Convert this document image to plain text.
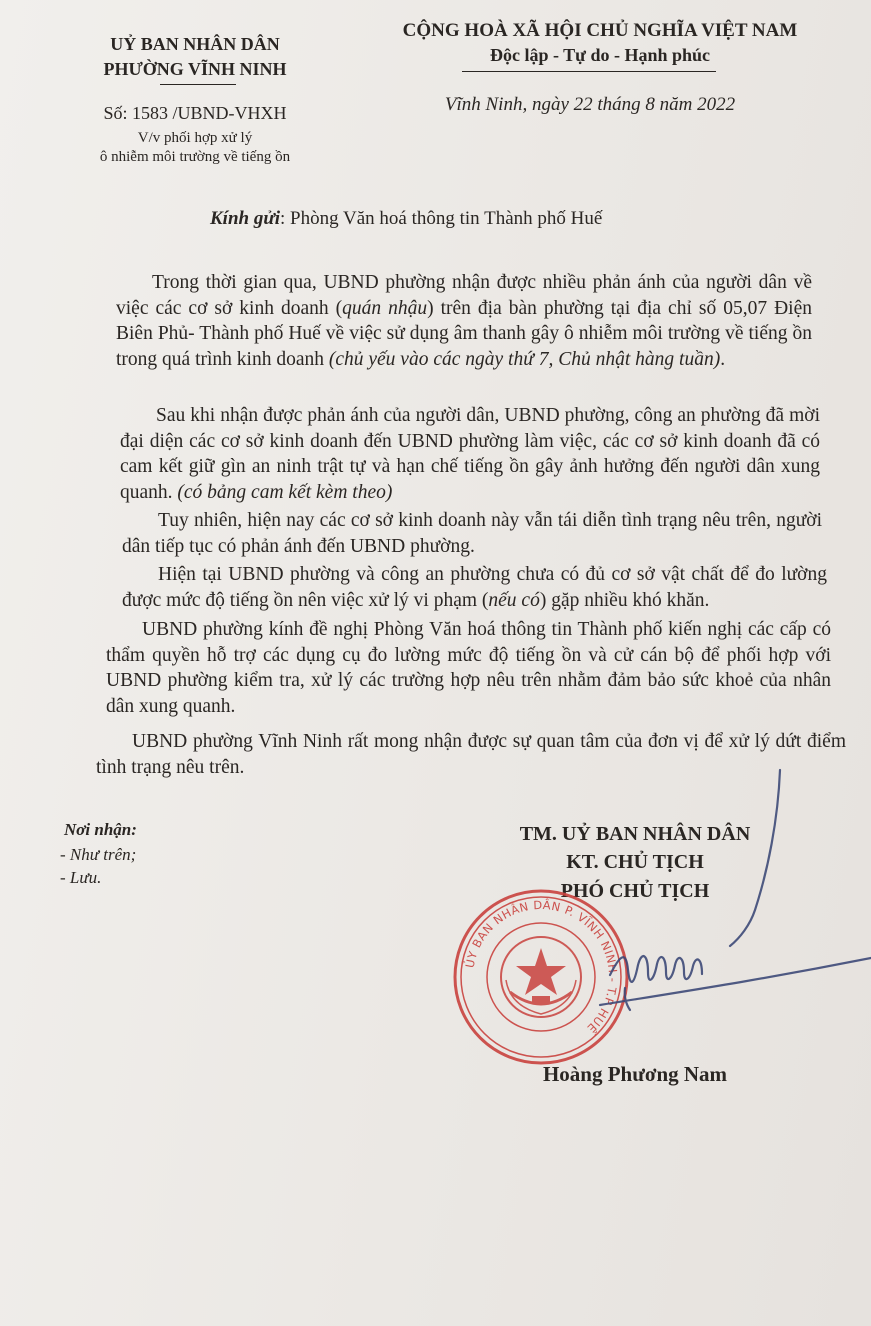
UỶ BAN NHÂN DÂN
PHƯỜNG VĨNH NINH
Số: 1583 /UBND-VHXH
V/v phối hợp xử lý
ô nhiễm môi trường về tiếng ồn
CỘNG HOÀ XÃ HỘI CHỦ NGHĨA VIỆT NAM
Độc lập - Tự do - Hạnh phúc
Vĩnh Ninh, ngày 22 tháng 8 năm 2022
Kính gửi: Phòng Văn hoá thông tin Thành phố Huế
Trong thời gian qua, UBND phường nhận được nhiều phản ánh của người dân về việc các cơ sở kinh doanh (quán nhậu) trên địa bàn phường tại địa chỉ số 05,07 Điện Biên Phủ- Thành phố Huế về việc sử dụng âm thanh gây ô nhiễm môi trường về tiếng ồn trong quá trình kinh doanh (chủ yếu vào các ngày thứ 7, Chủ nhật hàng tuần).
Sau khi nhận được phản ánh của người dân, UBND phường, công an phường đã mời đại diện các cơ sở kinh doanh đến UBND phường làm việc, các cơ sở kinh doanh đã có cam kết giữ gìn an ninh trật tự và hạn chế tiếng ồn gây ảnh hưởng đến người dân xung quanh. (có bảng cam kết kèm theo)
Tuy nhiên, hiện nay các cơ sở kinh doanh này vẫn tái diễn tình trạng nêu trên, người dân tiếp tục có phản ánh đến UBND phường.
Hiện tại UBND phường và công an phường chưa có đủ cơ sở vật chất để đo lường được mức độ tiếng ồn nên việc xử lý vi phạm (nếu có) gặp nhiều khó khăn.
UBND phường kính đề nghị Phòng Văn hoá thông tin Thành phố kiến nghị các cấp có thẩm quyền hỗ trợ các dụng cụ đo lường mức độ tiếng ồn và cử cán bộ để phối hợp với UBND phường kiểm tra, xử lý các trường hợp nêu trên nhằm đảm bảo sức khoẻ của nhân dân xung quanh.
UBND phường Vĩnh Ninh rất mong nhận được sự quan tâm của đơn vị để xử lý dứt điểm tình trạng nêu trên.
Nơi nhận:
- Như trên;
- Lưu.
TM. UỶ BAN NHÂN DÂN
KT. CHỦ TỊCH
PHÓ CHỦ TỊCH
ỦY BAN NHÂN DÂN P. VĨNH NINH - T.P HUẾ
Hoàng Phương Nam
